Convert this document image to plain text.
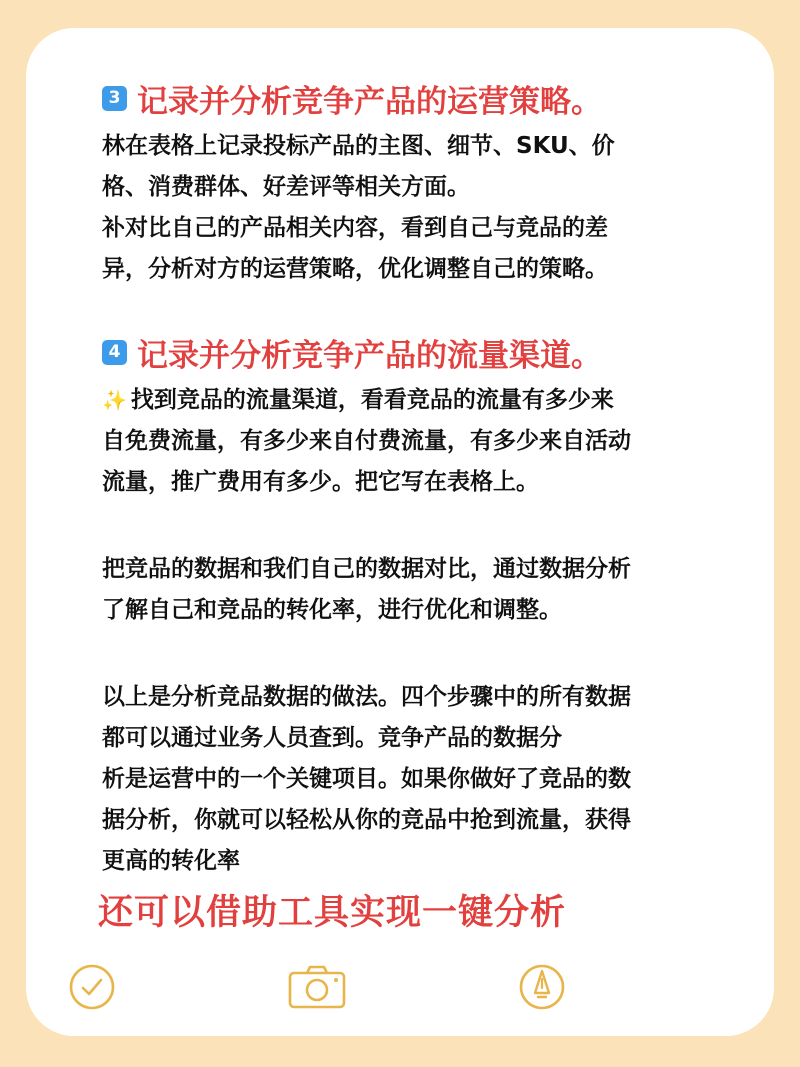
3 记录并分析竞争产品的运营策略。

林在表格上记录投标产品的主图、细节、SKU、价

格、消费群体、好差评等相关方面。

补对比自己的产品相关内容，看到自己与竞品的差

异，分析对方的运营策略，优化调整自己的策略。

4 记录并分析竞争产品的流量渠道。

✨ 找到竞品的流量渠道，看看竞品的流量有多少来

自免费流量，有多少来自付费流量，有多少来自活动

流量，推广费用有多少。把它写在表格上。

把竞品的数据和我们自己的数据对比，通过数据分析

了解自己和竞品的转化率，进行优化和调整。

以上是分析竞品数据的做法。四个步骤中的所有数据

都可以通过业务人员查到。竞争产品的数据分

析是运营中的一个关键项目。如果你做好了竞品的数

据分析，你就可以轻松从你的竞品中抢到流量，获得

更高的转化率

还可以借助工具实现一键分析
